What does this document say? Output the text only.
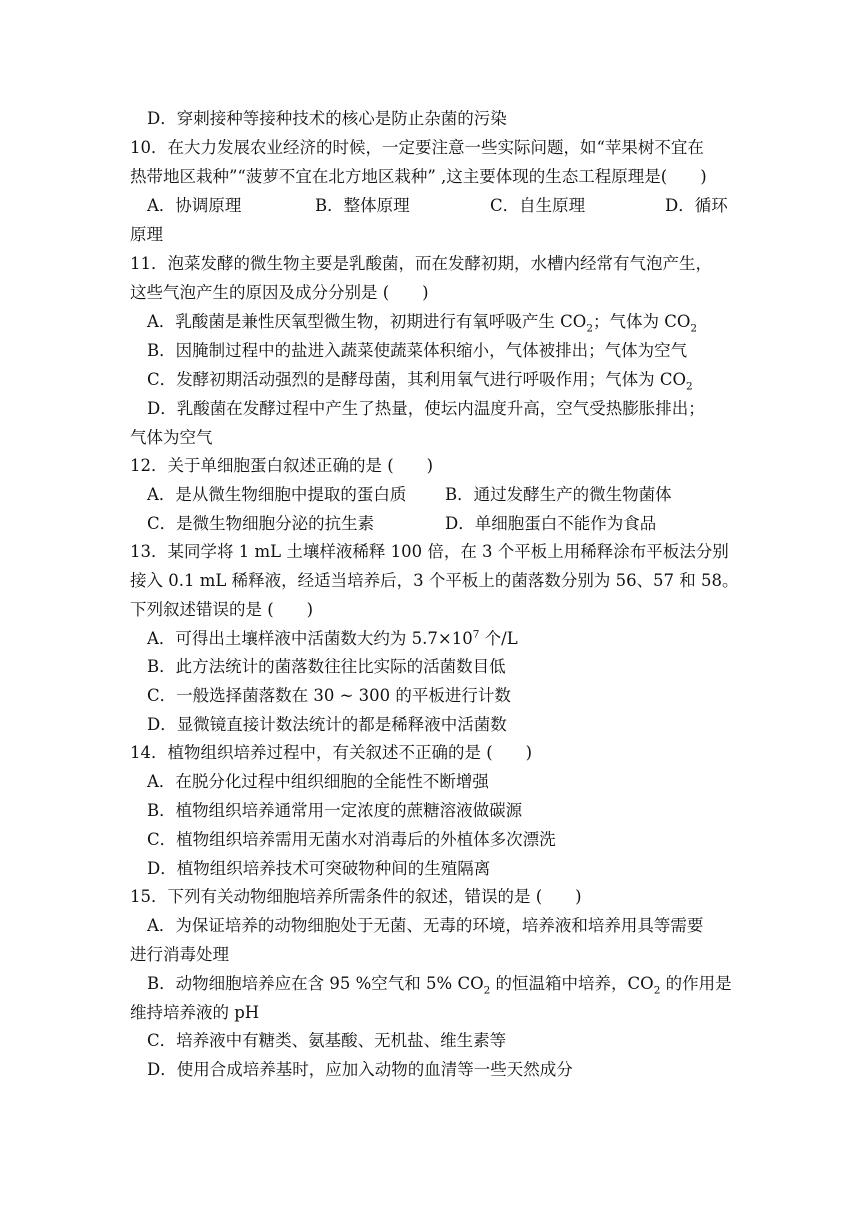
D．穿刺接种等接种技术的核心是防止杂菌的污染
10．在大力发展农业经济的时候，一定要注意一些实际问题，如“苹果树不宜在
热带地区栽种”“菠萝不宜在北方地区栽种” ,这主要体现的生态工程原理是(　　)
A．协调原理	B．整体原理	C．自生原理	D．循环
原理
11．泡菜发酵的微生物主要是乳酸菌，而在发酵初期，水槽内经常有气泡产生，
这些气泡产生的原因及成分分别是 (　　)
A．乳酸菌是兼性厌氧型微生物，初期进行有氧呼吸产生 $CO_2$；气体为 $CO_2$
B．因腌制过程中的盐进入蔬菜使蔬菜体积缩小，气体被排出；气体为空气
C．发酵初期活动强烈的是酵母菌，其利用氧气进行呼吸作用；气体为 $CO_2$
D．乳酸菌在发酵过程中产生了热量，使坛内温度升高，空气受热膨胀排出；
气体为空气
12．关于单细胞蛋白叙述正确的是 (　　)
A．是从微生物细胞中提取的蛋白质 B．通过发酵生产的微生物菌体
C．是微生物细胞分泌的抗生素	D．单细胞蛋白不能作为食品
13．某同学将 1 mL 土壤样液稀释 100 倍，在 3 个平板上用稀释涂布平板法分别
接入 0.1 mL 稀释液，经适当培养后，3 个平板上的菌落数分别为 56、57 和 58。
下列叙述错误的是 (　　)
A．可得出土壤样液中活菌数大约为 $5.7\times 10^7$ 个/L
B．此方法统计的菌落数往往比实际的活菌数目低
C．一般选择菌落数在 30 ~ 300 的平板进行计数
D．显微镜直接计数法统计的都是稀释液中活菌数
14．植物组织培养过程中，有关叙述不正确的是 (　　)
A．在脱分化过程中组织细胞的全能性不断增强
B．植物组织培养通常用一定浓度的蔗糖溶液做碳源
C．植物组织培养需用无菌水对消毒后的外植体多次漂洗
D．植物组织培养技术可突破物种间的生殖隔离
15．下列有关动物细胞培养所需条件的叙述，错误的是 (　　)
A．为保证培养的动物细胞处于无菌、无毒的环境，培养液和培养用具等需要
进行消毒处理
B．动物细胞培养应在含 95 %空气和 5% $CO_2$ 的恒温箱中培养，$CO_2$ 的作用是
维持培养液的 pH
C．培养液中有糖类、氨基酸、无机盐、维生素等
D．使用合成培养基时，应加入动物的血清等一些天然成分
